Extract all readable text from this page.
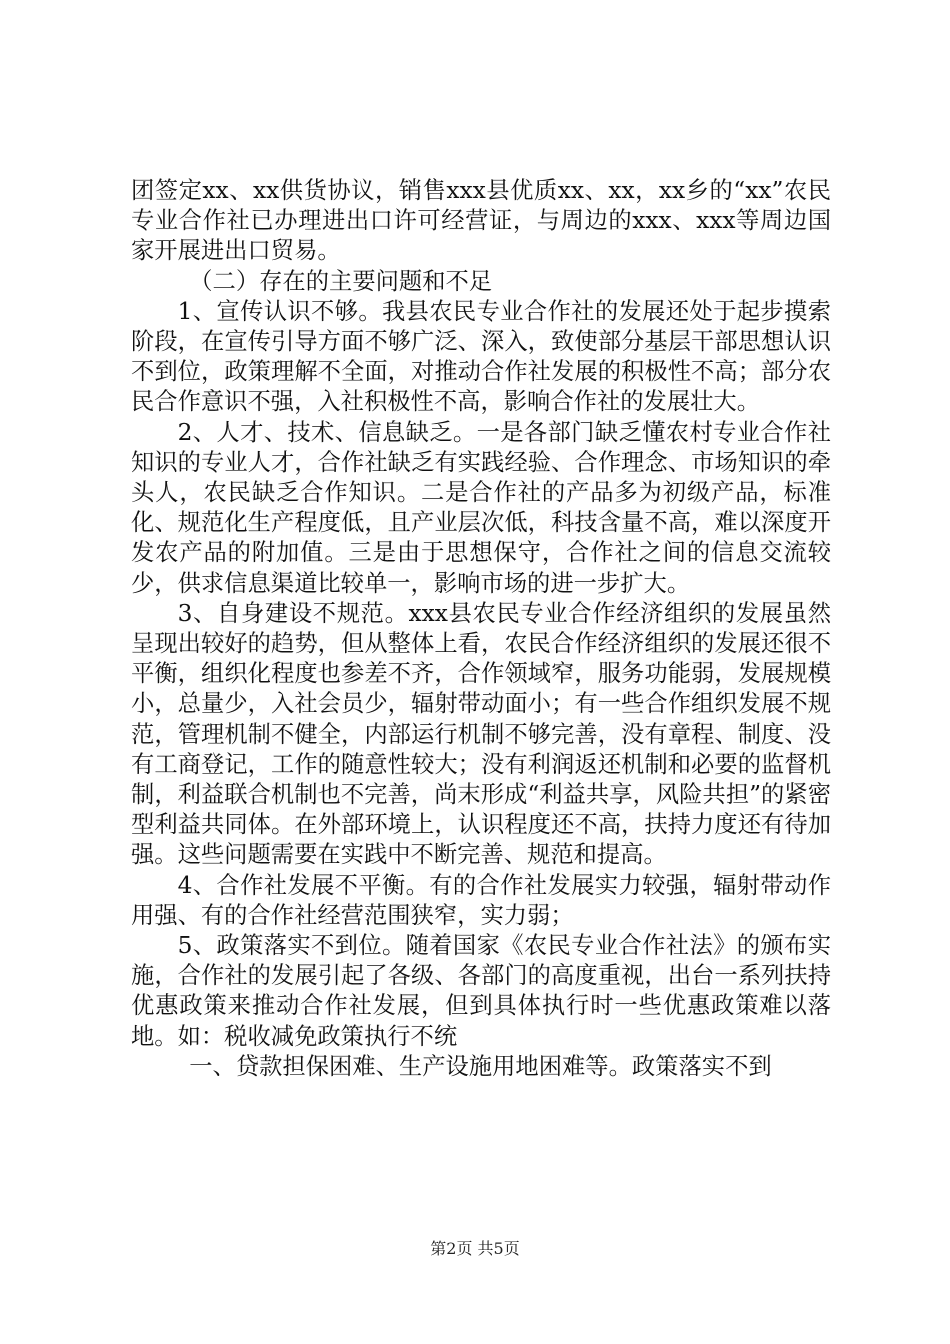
团签定xx、xx供货协议，销售xxx县优质xx、xx，xx乡的“xx”农民专业合作社已办理进出口许可经营证，与周边的xxx、xxx等周边国家开展进出口贸易。

（二）存在的主要问题和不足

1、宣传认识不够。我县农民专业合作社的发展还处于起步摸索阶段，在宣传引导方面不够广泛、深入，致使部分基层干部思想认识不到位，政策理解不全面，对推动合作社发展的积极性不高；部分农民合作意识不强，入社积极性不高，影响合作社的发展壮大。

2、人才、技术、信息缺乏。一是各部门缺乏懂农村专业合作社知识的专业人才，合作社缺乏有实践经验、合作理念、市场知识的牵头人，农民缺乏合作知识。二是合作社的产品多为初级产品，标准化、规范化生产程度低，且产业层次低，科技含量不高，难以深度开发农产品的附加值。三是由于思想保守，合作社之间的信息交流较少，供求信息渠道比较单一，影响市场的进一步扩大。

3、自身建设不规范。xxx县农民专业合作经济组织的发展虽然呈现出较好的趋势，但从整体上看，农民合作经济组织的发展还很不平衡，组织化程度也参差不齐，合作领域窄，服务功能弱，发展规模小，总量少，入社会员少，辐射带动面小；有一些合作组织发展不规范，管理机制不健全，内部运行机制不够完善，没有章程、制度、没有工商登记，工作的随意性较大；没有利润返还机制和必要的监督机制，利益联合机制也不完善，尚末形成“利益共享，风险共担”的紧密型利益共同体。在外部环境上，认识程度还不高，扶持力度还有待加强。这些问题需要在实践中不断完善、规范和提高。

4、合作社发展不平衡。有的合作社发展实力较强，辐射带动作用强、有的合作社经营范围狭窄，实力弱；

5、政策落实不到位。随着国家《农民专业合作社法》的颁布实施，合作社的发展引起了各级、各部门的高度重视，出台一系列扶持优惠政策来推动合作社发展，但到具体执行时一些优惠政策难以落地。如：税收减免政策执行不统

一、贷款担保困难、生产设施用地困难等。政策落实不到

第2页 共5页
